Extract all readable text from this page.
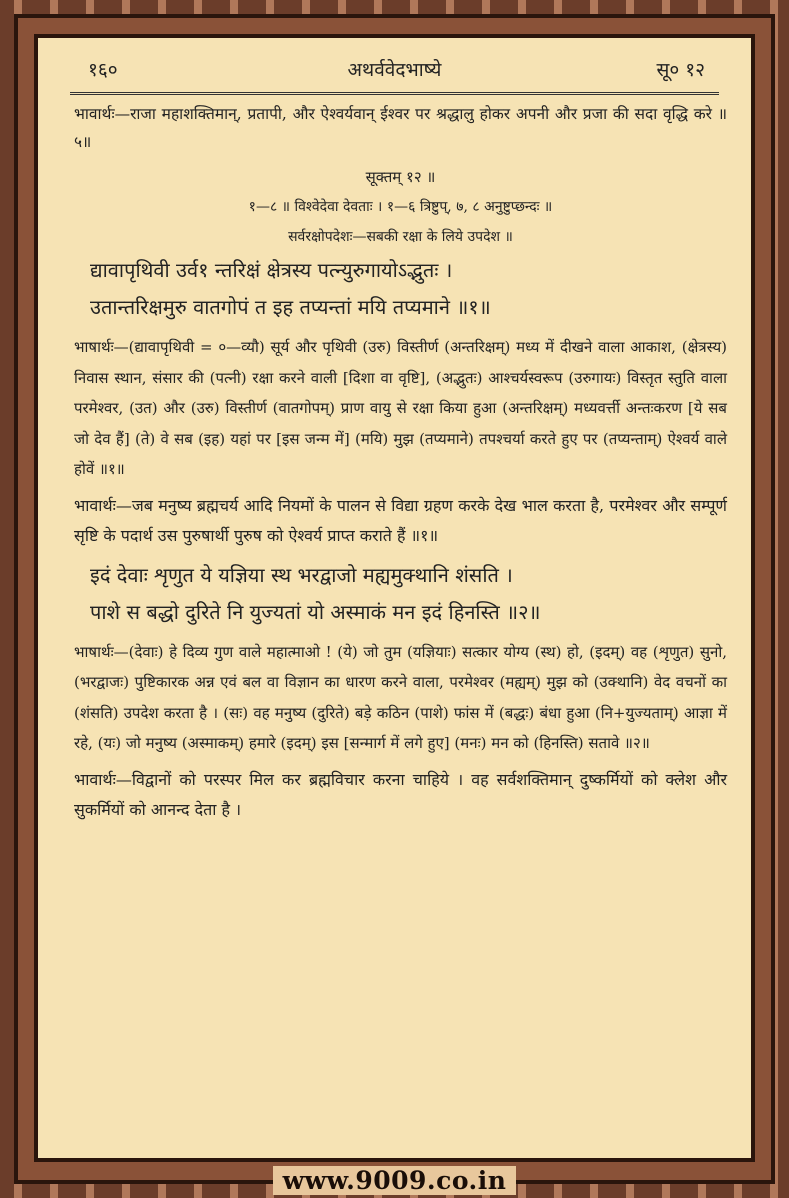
१६०	अथर्ववेदभाष्ये	सू० १२

भावार्थः—राजा महाशक्तिमान्, प्रतापी, और ऐश्वर्यवान् ईश्वर पर श्रद्धालु होकर अपनी और प्रजा की सदा वृद्धि करे ॥५॥

सूक्तम् १२ ॥

१—८ ॥ विश्वेदेवा देवताः । १—६ त्रिष्टुप्, ७, ८ अनुष्टुप्छन्दः ॥

सर्वरक्षोपदेशः—सबकी रक्षा के लिये उपदेश ॥

द्यावापृथिवी उर्व१ न्तरिक्षं क्षेत्रस्य पत्न्युरुगायोऽद्भुतः ।

उतान्तरिक्षमुरु वातगोपं त इह तप्यन्तां मयि तप्यमाने ॥१॥

भाषार्थः—(द्यावापृथिवी = ०—व्यौ) सूर्य और पृथिवी (उरु) विस्तीर्ण (अन्तरिक्षम्) मध्य में दीखने वाला आकाश, (क्षेत्रस्य) निवास स्थान, संसार की (पत्नी) रक्षा करने वाली [दिशा वा वृष्टि], (अद्भुतः) आश्चर्यस्वरूप (उरुगायः) विस्तृत स्तुति वाला परमेश्वर, (उत) और (उरु) विस्तीर्ण (वातगोपम्) प्राण वायु से रक्षा किया हुआ (अन्तरिक्षम्) मध्यवर्त्ती अन्तःकरण [ये सब जो देव हैं] (ते) वे सब (इह) यहां पर [इस जन्म में] (मयि) मुझ (तप्यमाने) तपश्चर्या करते हुए पर (तप्यन्ताम्) ऐश्वर्य वाले होवें ॥१॥

भावार्थः—जब मनुष्य ब्रह्मचर्य आदि नियमों के पालन से विद्या ग्रहण करके देख भाल करता है, परमेश्वर और सम्पूर्ण सृष्टि के पदार्थ उस पुरुषार्थी पुरुष को ऐश्वर्य प्राप्त कराते हैं ॥१॥

इदं देवाः शृणुत ये यज्ञिया स्थ भरद्वाजो मह्यमुक्थानि शंसति ।

पाशे स बद्धो दुरिते नि युज्यतां यो अस्माकं मन इदं हिनस्ति ॥२॥

भाषार्थः—(देवाः) हे दिव्य गुण वाले महात्माओ ! (ये) जो तुम (यज्ञियाः) सत्कार योग्य (स्थ) हो, (इदम्) वह (शृणुत) सुनो, (भरद्वाजः) पुष्टिकारक अन्न एवं बल वा विज्ञान का धारण करने वाला, परमेश्वर (मह्यम्) मुझ को (उक्थानि) वेद वचनों का (शंसति) उपदेश करता है । (सः) वह मनुष्य (दुरिते) बड़े कठिन (पाशे) फांस में (बद्धः) बंधा हुआ (नि+युज्यताम्) आज्ञा में रहे, (यः) जो मनुष्य (अस्माकम्) हमारे (इदम्) इस [सन्मार्ग में लगे हुए] (मनः) मन को (हिनस्ति) सतावे ॥२॥

भावार्थः—विद्वानों को परस्पर मिल कर ब्रह्मविचार करना चाहिये । वह सर्वशक्तिमान् दुष्कर्मियों को क्लेश और सुकर्मियों को आनन्द देता है ।

www.9009.co.in
